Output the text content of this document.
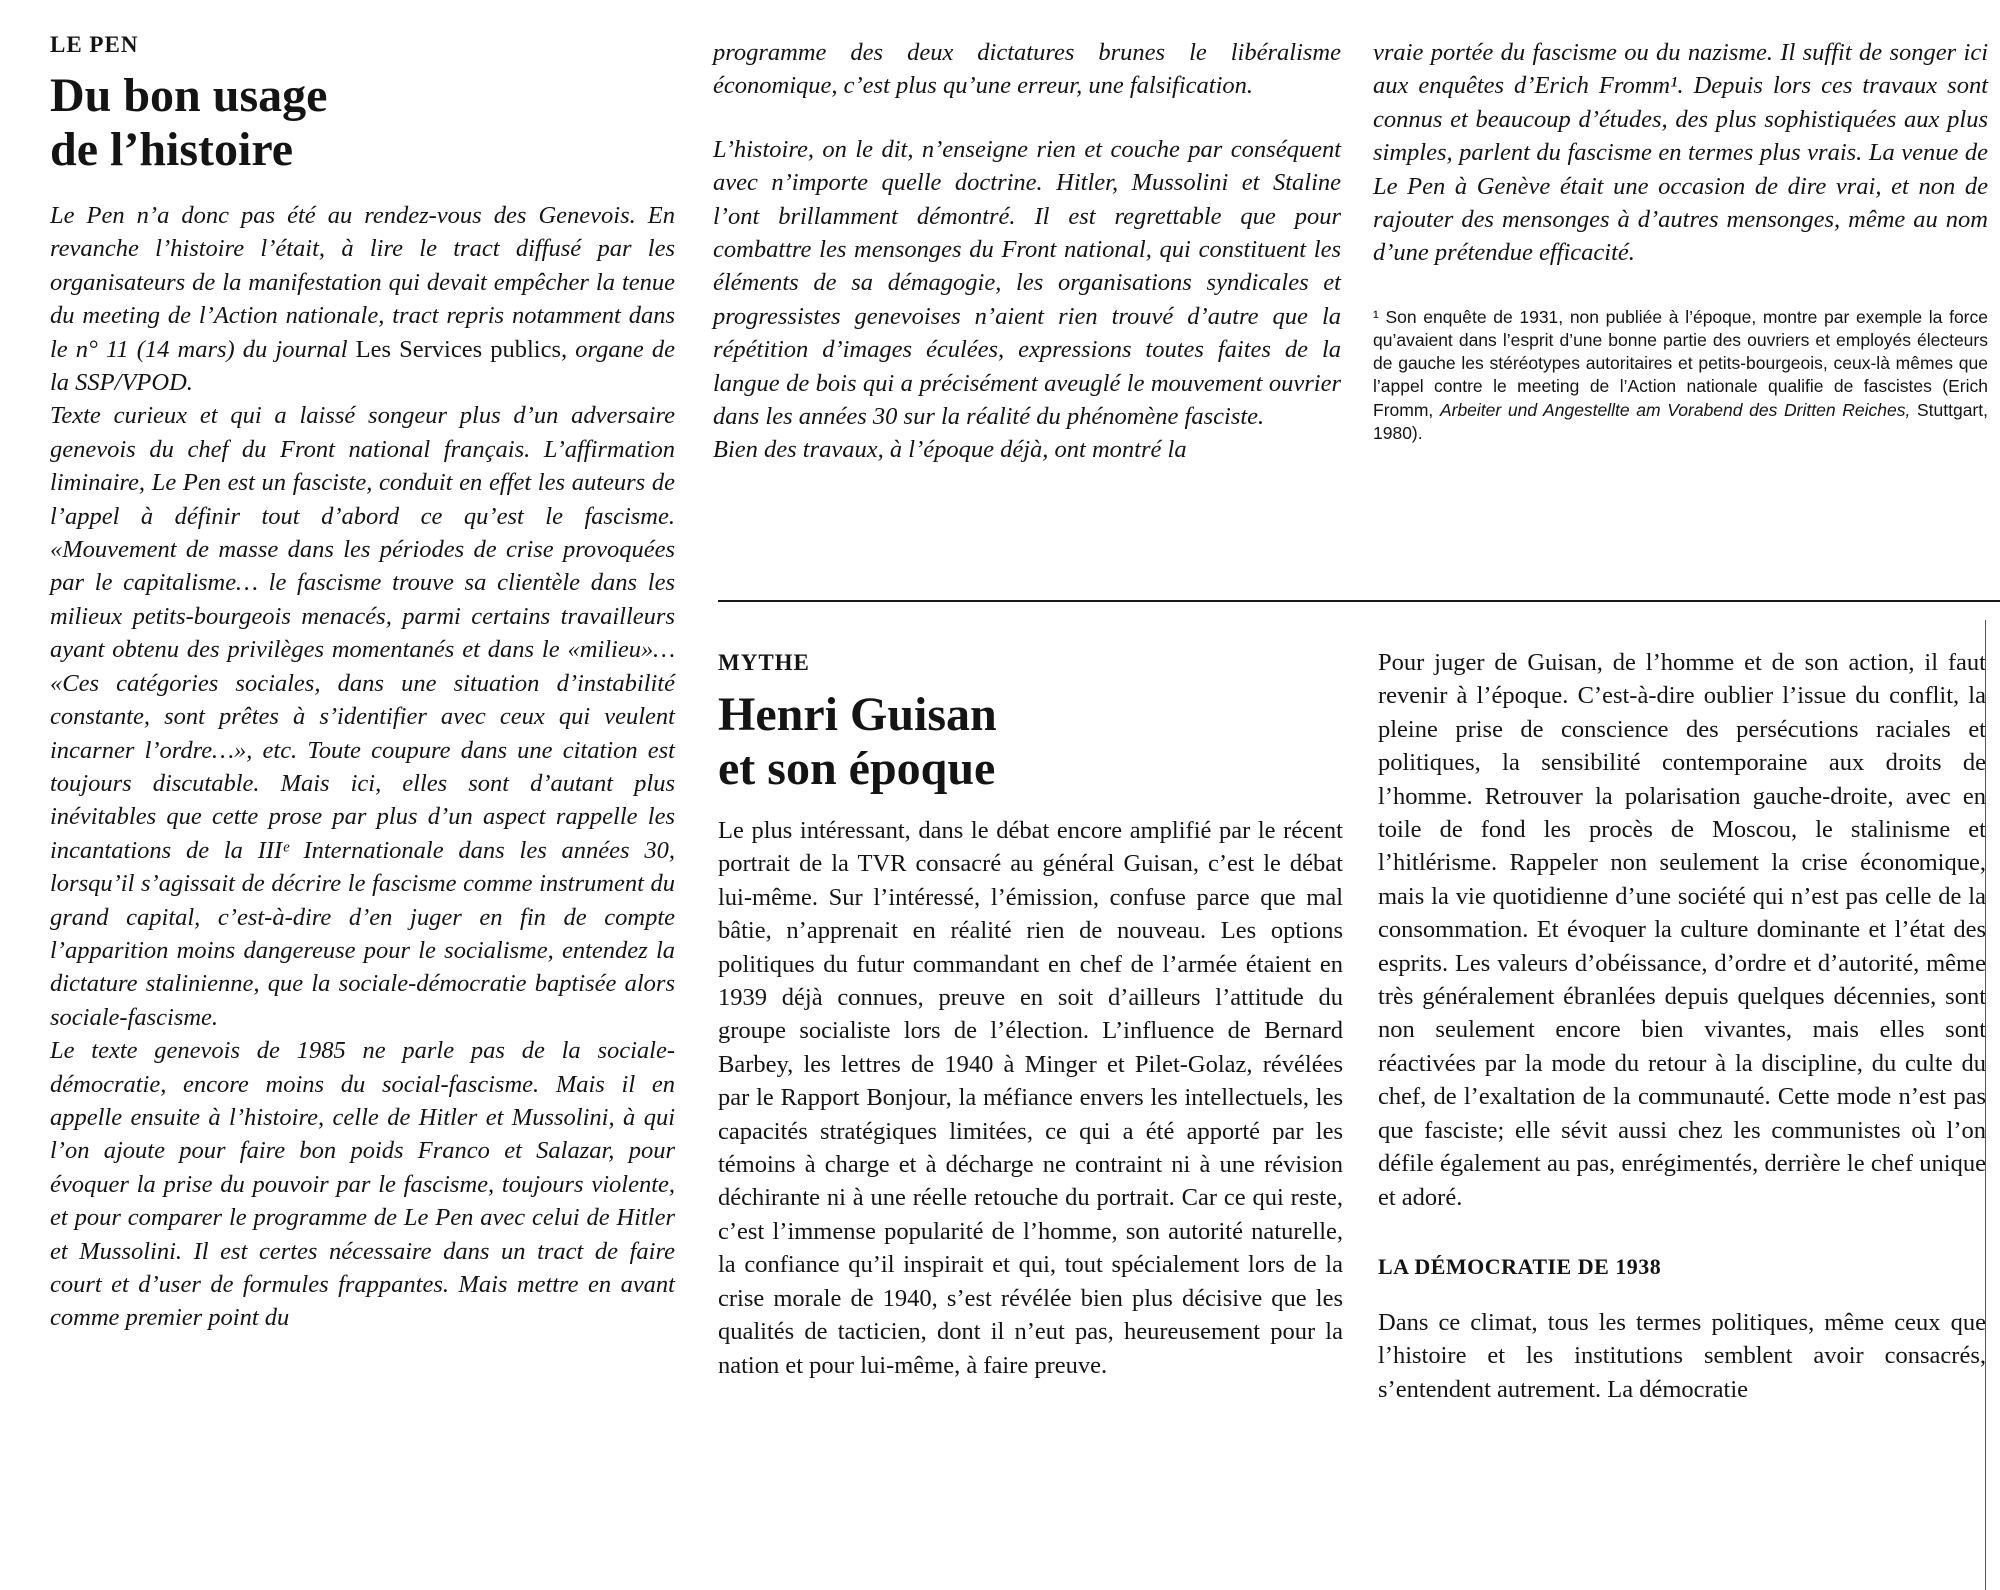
LE PEN

Du bon usage

de l’histoire

Le Pen n’a donc pas été au rendez-vous des Genevois. En revanche l’histoire l’était, à lire le tract diffusé par les organisateurs de la manifestation qui devait empêcher la tenue du meeting de l’Action nationale, tract repris notamment dans le n° 11 (14 mars) du journal Les Services publics, organe de la SSP/VPOD.

Texte curieux et qui a laissé songeur plus d’un adversaire genevois du chef du Front national français. L’affirmation liminaire, Le Pen est un fasciste, conduit en effet les auteurs de l’appel à définir tout d’abord ce qu’est le fascisme. «Mouvement de masse dans les périodes de crise provoquées par le capitalisme… le fascisme trouve sa clientèle dans les milieux petits-bourgeois menacés, parmi certains travailleurs ayant obtenu des privilèges momentanés et dans le «milieu»… «Ces catégories sociales, dans une situation d’instabilité constante, sont prêtes à s’identifier avec ceux qui veulent incarner l’ordre…», etc. Toute coupure dans une citation est toujours discutable. Mais ici, elles sont d’autant plus inévitables que cette prose par plus d’un aspect rappelle les incantations de la IIIᵉ Internationale dans les années 30, lorsqu’il s’agissait de décrire le fascisme comme instrument du grand capital, c’est-à-dire d’en juger en fin de compte l’apparition moins dangereuse pour le socialisme, entendez la dictature stalinienne, que la sociale-démocratie baptisée alors sociale-fascisme.

Le texte genevois de 1985 ne parle pas de la sociale-démocratie, encore moins du social-fascisme. Mais il en appelle ensuite à l’histoire, celle de Hitler et Mussolini, à qui l’on ajoute pour faire bon poids Franco et Salazar, pour évoquer la prise du pouvoir par le fascisme, toujours violente, et pour comparer le programme de Le Pen avec celui de Hitler et Mussolini. Il est certes nécessaire dans un tract de faire court et d’user de formules frappantes. Mais mettre en avant comme premier point du

programme des deux dictatures brunes le libéralisme économique, c’est plus qu’une erreur, une falsification.

L’histoire, on le dit, n’enseigne rien et couche par conséquent avec n’importe quelle doctrine. Hitler, Mussolini et Staline l’ont brillamment démontré. Il est regrettable que pour combattre les mensonges du Front national, qui constituent les éléments de sa démagogie, les organisations syndicales et progressistes genevoises n’aient rien trouvé d’autre que la répétition d’images éculées, expressions toutes faites de la langue de bois qui a précisément aveuglé le mouvement ouvrier dans les années 30 sur la réalité du phénomène fasciste.

Bien des travaux, à l’époque déjà, ont montré la

vraie portée du fascisme ou du nazisme. Il suffit de songer ici aux enquêtes d’Erich Fromm¹. Depuis lors ces travaux sont connus et beaucoup d’études, des plus sophistiquées aux plus simples, parlent du fascisme en termes plus vrais. La venue de Le Pen à Genève était une occasion de dire vrai, et non de rajouter des mensonges à d’autres mensonges, même au nom d’une prétendue efficacité.

¹ Son enquête de 1931, non publiée à l’époque, montre par exemple la force qu’avaient dans l’esprit d’une bonne partie des ouvriers et employés électeurs de gauche les stéréotypes autoritaires et petits-bourgeois, ceux-là mêmes que l’appel contre le meeting de l’Action nationale qualifie de fascistes (Erich Fromm, Arbeiter und Angestellte am Vorabend des Dritten Reiches, Stuttgart, 1980).

MYTHE

Henri Guisan

et son époque

Le plus intéressant, dans le débat encore amplifié par le récent portrait de la TVR consacré au général Guisan, c’est le débat lui-même. Sur l’intéressé, l’émission, confuse parce que mal bâtie, n’apprenait en réalité rien de nouveau. Les options politiques du futur commandant en chef de l’armée étaient en 1939 déjà connues, preuve en soit d’ailleurs l’attitude du groupe socialiste lors de l’élection. L’influence de Bernard Barbey, les lettres de 1940 à Minger et Pilet-Golaz, révélées par le Rapport Bonjour, la méfiance envers les intellectuels, les capacités stratégiques limitées, ce qui a été apporté par les témoins à charge et à décharge ne contraint ni à une révision déchirante ni à une réelle retouche du portrait. Car ce qui reste, c’est l’immense popularité de l’homme, son autorité naturelle, la confiance qu’il inspirait et qui, tout spécialement lors de la crise morale de 1940, s’est révélée bien plus décisive que les qualités de tacticien, dont il n’eut pas, heureusement pour la nation et pour lui-même, à faire preuve.

Pour juger de Guisan, de l’homme et de son action, il faut revenir à l’époque. C’est-à-dire oublier l’issue du conflit, la pleine prise de conscience des persécutions raciales et politiques, la sensibilité contemporaine aux droits de l’homme. Retrouver la polarisation gauche-droite, avec en toile de fond les procès de Moscou, le stalinisme et l’hitlérisme. Rappeler non seulement la crise économique, mais la vie quotidienne d’une société qui n’est pas celle de la consommation. Et évoquer la culture dominante et l’état des esprits. Les valeurs d’obéissance, d’ordre et d’autorité, même très généralement ébranlées depuis quelques décennies, sont non seulement encore bien vivantes, mais elles sont réactivées par la mode du retour à la discipline, du culte du chef, de l’exaltation de la communauté. Cette mode n’est pas que fasciste; elle sévit aussi chez les communistes où l’on défile également au pas, enrégimentés, derrière le chef unique et adoré.

LA DÉMOCRATIE DE 1938

Dans ce climat, tous les termes politiques, même ceux que l’histoire et les institutions semblent avoir consacrés, s’entendent autrement. La démocratie
